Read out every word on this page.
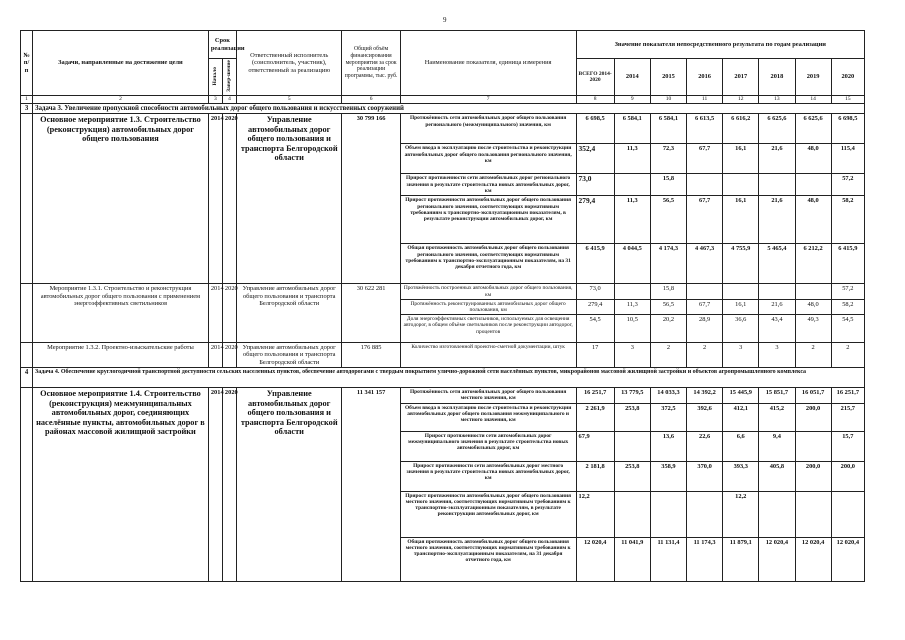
9
№ п/п	Задачи, направленные на достижение цели	Срок реализации		Ответственный исполнитель (соисполнитель, участник), ответственный за реализацию	Общий объём финансирования мероприятия за срок реализации программы, тыс. руб.	Наименование показателя, единица измерения	Значение показателя непосредственного результата по годам реализации							
		Начало	Завер-шение				ВСЕГО 2014-2020	2014	2015	2016	2017	2018	2019	2020
1	2	3	4	5	6	7	8	9	10	11	12	13	14	15
3	Задача 3. Увеличение пропускной способности автомобильных дорог общего пользования и искусственных сооружений													
	Основное мероприятие 1.3. Строительство (реконструкция) автомобильных дорог общего пользования	2014	2020	Управление автомобильных дорог общего пользования и транспорта Белгородской области	30 799 166	Протяжённость сети автомобильных дорог общего пользования регионального (межмуниципального) значения, км	6 698,5	6 584,1	6 584,1	6 613,5	6 616,2	6 625,6	6 625,6	6 698,5
						Объем ввода в эксплуатацию после строительства и реконструкции автомобильных дорог общего пользования регионального значения, км	352,4	11,3	72,3	67,7	16,1	21,6	48,0	115,4
						Прирост протяженности сети автомобильных дорог регионального значения в результате строительства новых автомобильных дорог, км	73,0		15,8					57,2
						Прирост протяженности автомобильных дорог общего пользования регионального значения, соответствующих нормативным требованиям к транспортно-эксплуатационным показателям, в результате реконструкции автомобильных дорог, км	279,4	11,3	56,5	67,7	16,1	21,6	48,0	58,2
						Общая протяженность автомобильных дорог общего пользования регионального значения, соответствующих нормативным требованиям к транспортно-эксплуатационным показателям, на 31 декабря отчетного года, км	6 415,9	4 044,5	4 174,3	4 467,3	4 755,9	5 465,4	6 212,2	6 415,9
	Мероприятие 1.3.1. Строительство и реконструкция автомобильных дорог общего пользования с применением энергоэффективных светильников	2014	2020	Управление автомобильных дорог общего пользования и транспорта Белгородской области	30 622 281	Протяжённость построенных автомобильных дорог общего пользования, км	73,0		15,8					57,2
						Протяжённость реконструированных автомобильных дорог общего пользования, км	279,4	11,3	56,5	67,7	16,1	21,6	48,0	58,2
						Доля энергоэффективных светильников, используемых для освещения автодорог, в общем объёме светильников после реконструкции автодорог, процентов	54,5	10,5	20,2	28,9	36,6	43,4	49,3	54,5
	Мероприятие 1.3.2. Проектно-изыскательские работы	2014	2020	Управление автомобильных дорог общего пользования и транспорта Белгородской области	176 885	Количество изготовленной проектно-сметной документации, штук	17	3	2	2	3	3	2	2
4	Задача 4. Обеспечение круглогодичной транспортной доступности сельских населенных пунктов, обеспечение автодорогами с твердым покрытием улично-дорожной сети населённых пунктов, микрорайонов массовой жилищной застройки и объектов агропромышленного комплекса													
	Основное мероприятие 1.4. Строительство (реконструкция) межмуниципальных автомобильных дорог, соединяющих населённые пункты, автомобильных дорог в районах массовой жилищной застройки	2014	2020	Управление автомобильных дорог общего пользования и транспорта Белгородской области	11 341 157	Протяжённость сети автомобильных дорог общего пользования местного значения, км	16 251,7	13 779,5	14 033,3	14 392,2	15 445,9	15 851,7	16 051,7	16 251,7
						Объем ввода в эксплуатацию после строительства и реконструкции автомобильных дорог общего пользования межмуниципального и местного значения, км	2 261,9	253,8	372,5	392,6	412,1	415,2	200,0	215,7
						Прирост протяженности сети автомобильных дорог межмуниципального значения в результате строительства новых автомобильных дорог, км	67,9		13,6	22,6	6,6	9,4		15,7
						Прирост протяженности сети автомобильных дорог местного значения в результате строительства новых автомобильных дорог, км	2 181,8	253,8	358,9	370,0	393,3	405,8	200,0	200,0
						Прирост протяженности автомобильных дорог общего пользования местного значения, соответствующих нормативным требованиям к транспортно-эксплуатационным показателям, в результате реконструкции автомобильных дорог, км	12,2				12,2			
						Общая протяженность автомобильных дорог общего пользования местного значения, соответствующих нормативным требованиям к транспортно-эксплуатационным показателям, на 31 декабря отчетного года, км	12 020,4	11 041,9	11 131,4	11 174,3	11 879,1	12 020,4	12 020,4	12 020,4
